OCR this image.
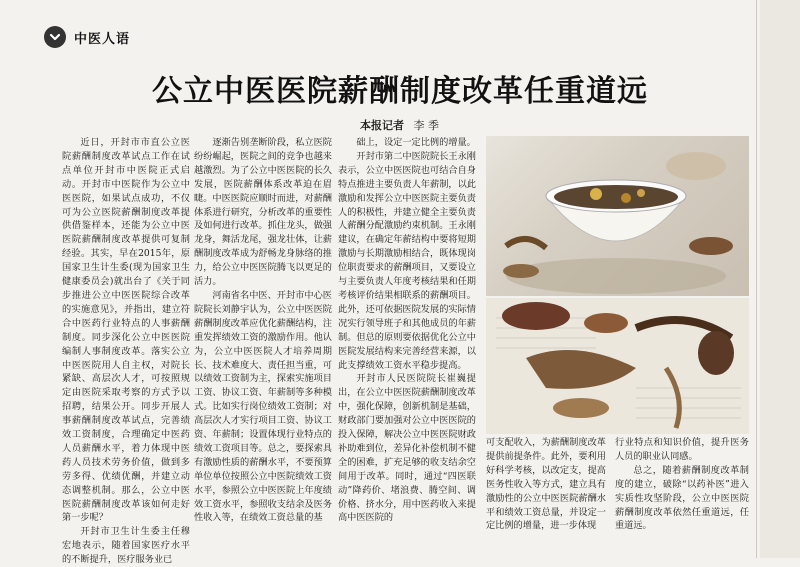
中医人语
公立中医医院薪酬制度改革任重道远
本报记者 李 季

近日，开封市市直公立医院薪酬制度改革试点工作在试点单位开封市中医院正式启动。开封市中医院作为公立中医医院，如果试点成功，不仅可为公立医院薪酬制度改革提供借鉴样本，还能为公立中医医院薪酬制度改革提供可复制经验。其实，早在2015年，原国家卫生计生委(现为国家卫生健康委员会)就出台了《关于同步推进公立中医医院综合改革的实施意见》，并指出，建立符合中医药行业特点的人事薪酬制度。同步深化公立中医医院编制人事制度改革。落实公立中医医院用人自主权，对院长紧缺、高层次人才，可按照规定由医院采取考察的方式予以招聘，结果公开。同步开展人事薪酬制度改革试点，完善绩效工资制度，合理确定中医药人员薪酬水平，着力体现中医药人员技术劳务价值，做到多劳多得、优绩优酬，并建立动态调整机制。那么，公立中医医院薪酬制度改革该如何走好第一步呢？

开封市卫生计生委主任穆宏地表示，随着国家医疗水平的不断提升，医疗服务业已

逐渐告别垄断阶段，私立医院纷纷崛起，医院之间的竞争也越来越激烈。为了公立中医医院的长久发展，医院薪酬体系改革迫在眉睫。中医医院应顺时而进，对薪酬体系进行研究，分析改革的重要性及如何进行改革。抓住龙头，做强龙身，舞活龙尾，强龙壮体，让薪酬制度改革成为舒畅龙身脉络的推力，给公立中医医院腾飞以更足的活力。

河南省名中医、开封市中心医院院长刘静宇认为，公立中医医院薪酬制度改革应优化薪酬结构，注重发挥绩效工资的激励作用。他认为，公立中医医院人才培养周期长、技术难度大、责任担当重，可以绩效工资制为主，探索实施项目工资、协议工资、年薪制等多种模式。比如实行岗位绩效工资制；对高层次人才实行项目工资、协议工资、年薪制；设置体现行业特点的绩效工资项目等。总之，要探索具有激励性质的薪酬水平，不要预算单位单位按照公立中医院绩效工资水平，参照公立中医医院上年度绩效工资水平，参照收支结余及医务性收入等，在绩效工资总量的基

础上，设定一定比例的增量。

开封市第二中医院院长王永刚表示，公立中医医院也可结合自身特点推进主要负责人年薪制，以此激励和发挥公立中医医院主要负责人的积极性，并建立健全主要负责人薪酬分配激励约束机制。王永刚建议，在确定年薪结构中要将短期激励与长期激励相结合，既体现岗位职责要求的薪酬项目，又要设立与主要负责人年度考核结果和任期考核评价结果相联系的薪酬项目。此外，还可依据医院发展的实际情况实行领导班子和其他成员的年薪制。但总的原则要依据优化公立中医院发展结构来完善经营来源，以此支撑绩效工资水平稳步提高。

开封市人民医院院长崔巍提出，在公立中医医院薪酬制度改革中，强化保障，创新机制是基础，财政部门要加强对公立中医医院的投入保障，解决公立中医医院财政补助难到位，差异化补偿机制不健全的困难，扩充足够的收支结余空间用于改革。同时，通过“四医联动”降药价、堵浪费、腾空间、调价格、挤水分，用中医药收入来提高中医医院的

可支配收入，为薪酬制度改革提供前提条件。此外，要利用好科学考核，以改定支，提高医务性收入等方式，建立具有激励性的公立中医医院薪酬水平和绩效工资总量，并设定一定比例的增量，进一步体现

行业特点和知识价值，提升医务人员的职业认同感。

总之，随着薪酬制度改革制度的建立，破除“以药补医”进入实质性攻坚阶段，公立中医医院薪酬制度改革依然任重道远，任重道远。
